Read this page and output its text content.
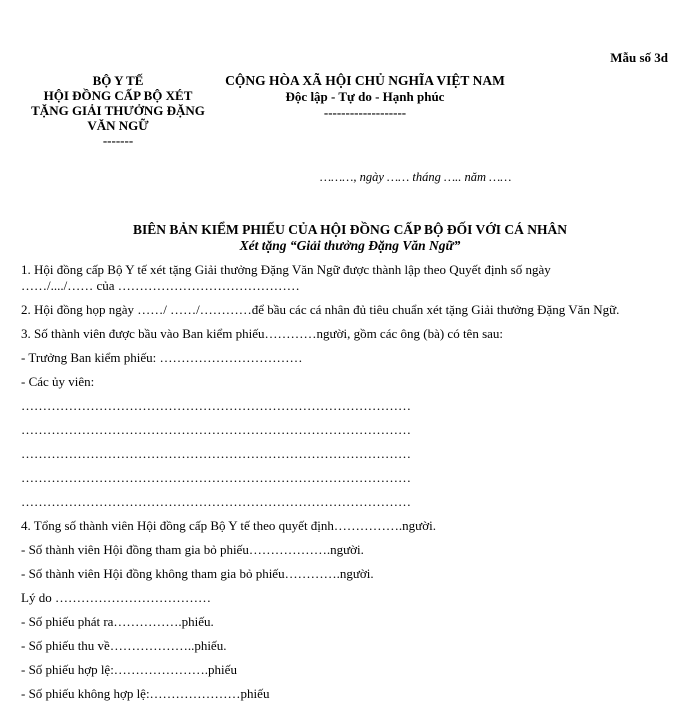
Mẫu số 3d
BỘ Y TẾ
HỘI ĐỒNG CẤP BỘ XÉT
TẶNG GIẢI THƯỞNG ĐẶNG
VĂN NGỮ
-------
CỘNG HÒA XÃ HỘI CHỦ NGHĨA VIỆT NAM
Độc lập - Tự do - Hạnh phúc
-------------------
………, ngày …… tháng ….. năm ……
BIÊN BẢN KIỂM PHIẾU CỦA HỘI ĐỒNG CẤP BỘ ĐỐI VỚI CÁ NHÂN
Xét tặng “Giải thưởng Đặng Văn Ngữ”

1. Hội đồng cấp Bộ Y tế xét tặng Giải thưởng Đặng Văn Ngữ được thành lập theo Quyết định số ngày

……/..../…… của ……………………………………

2. Hội đồng họp ngày ……/ ……/…………để bầu các cá nhân đủ tiêu chuẩn xét tặng Giải thưởng Đặng Văn Ngữ.

3. Số thành viên được bầu vào Ban kiểm phiếu…………người, gồm các ông (bà) có tên sau:

- Trưởng Ban kiểm phiếu: ……………………………

- Các ủy viên:

………………………………………………………………………………

………………………………………………………………………………

………………………………………………………………………………

………………………………………………………………………………

………………………………………………………………………………

4. Tổng số thành viên Hội đồng cấp Bộ Y tế theo quyết định…………….người.

- Số thành viên Hội đồng tham gia bỏ phiếu……………….người.

- Số thành viên Hội đồng không tham gia bỏ phiếu………….người.

Lý do ………………………………

- Số phiếu phát ra…………….phiếu.

- Số phiếu thu về………………..phiếu.

- Số phiếu hợp lệ:………………….phiếu

- Số phiếu không hợp lệ:…………………phiếu
